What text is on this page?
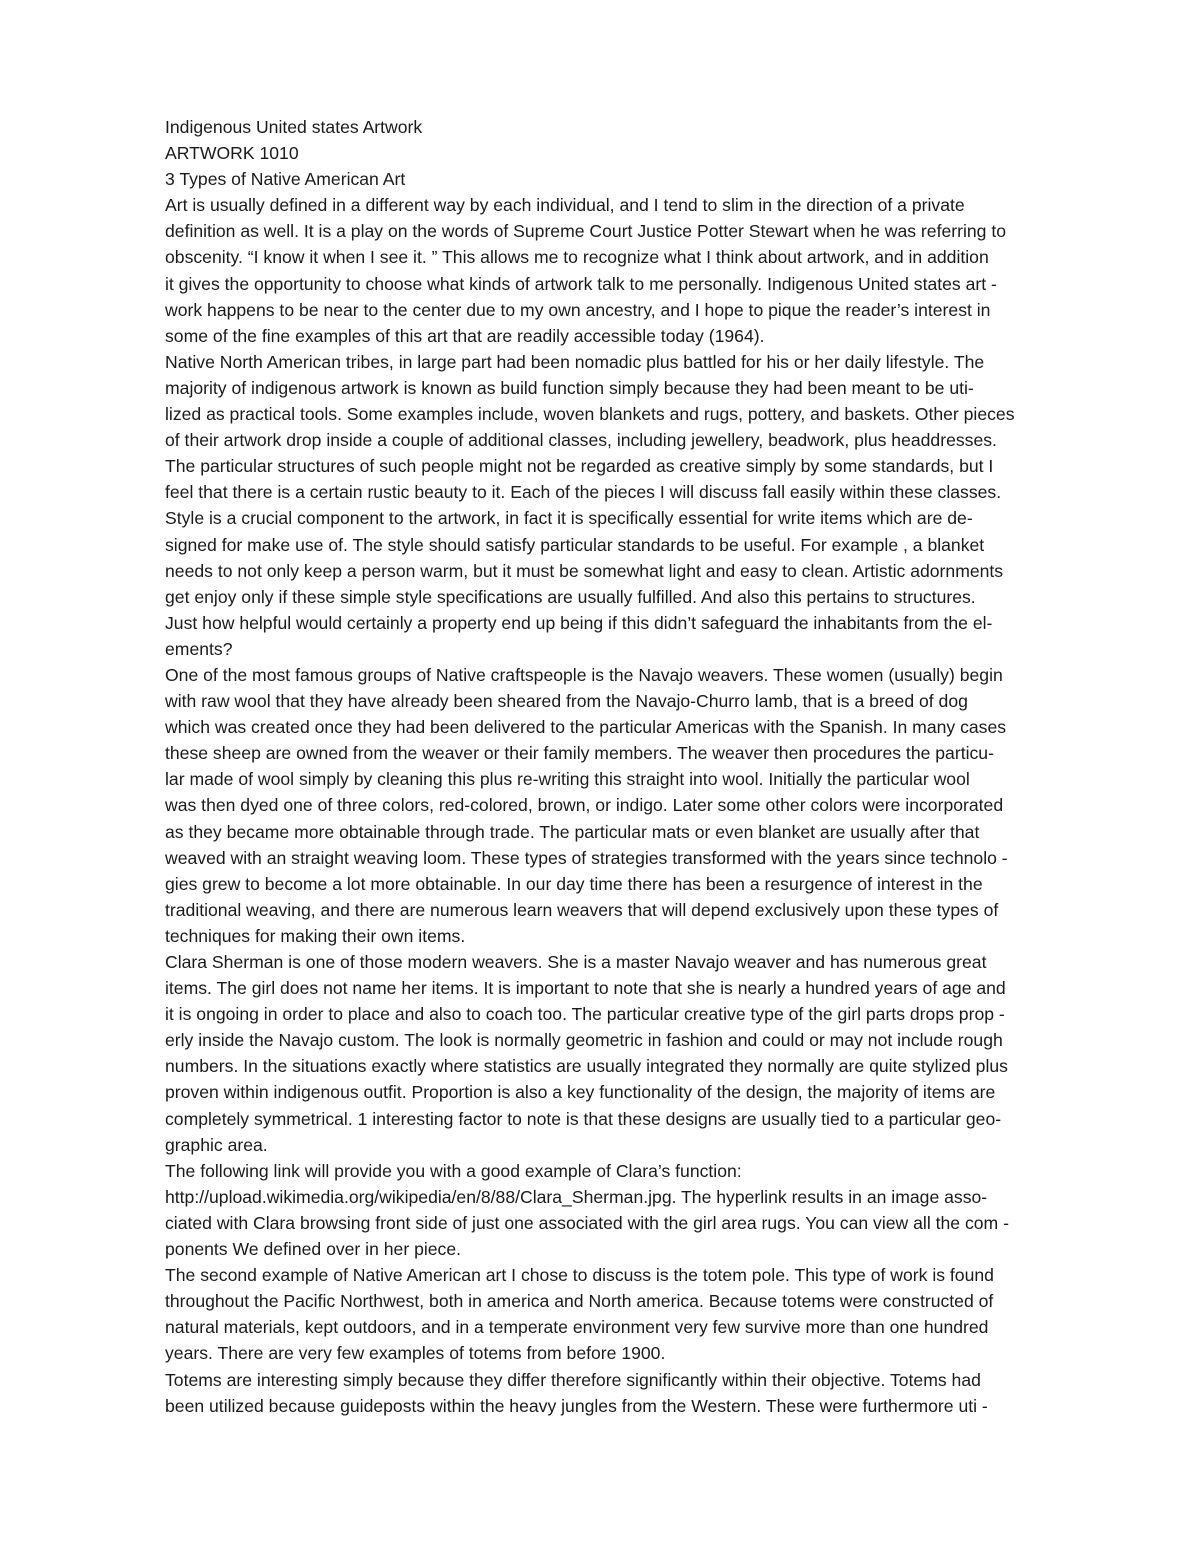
Indigenous United states Artwork
ARTWORK 1010
3 Types of Native American Art
Art is usually defined in a different way by each individual, and I tend to slim in the direction of a private
definition as well. It is a play on the words of Supreme Court Justice Potter Stewart when he was referring to
obscenity. “I know it when I see it. ” This allows me to recognize what I think about artwork, and in addition
it gives the opportunity to choose what kinds of artwork talk to me personally. Indigenous United states art -
work happens to be near to the center due to my own ancestry, and I hope to pique the reader’s interest in
some of the fine examples of this art that are readily accessible today (1964).
Native North American tribes, in large part had been nomadic plus battled for his or her daily lifestyle. The
majority of indigenous artwork is known as build function simply because they had been meant to be uti-
lized as practical tools. Some examples include, woven blankets and rugs, pottery, and baskets. Other pieces
of their artwork drop inside a couple of additional classes, including jewellery, beadwork, plus headdresses.
The particular structures of such people might not be regarded as creative simply by some standards, but I
feel that there is a certain rustic beauty to it. Each of the pieces I will discuss fall easily within these classes.
Style is a crucial component to the artwork, in fact it is specifically essential for write items which are de-
signed for make use of. The style should satisfy particular standards to be useful. For example , a blanket
needs to not only keep a person warm, but it must be somewhat light and easy to clean. Artistic adornments
get enjoy only if these simple style specifications are usually fulfilled. And also this pertains to structures.
Just how helpful would certainly a property end up being if this didn’t safeguard the inhabitants from the el-
ements?
One of the most famous groups of Native craftspeople is the Navajo weavers. These women (usually) begin
with raw wool that they have already been sheared from the Navajo-Churro lamb, that is a breed of dog
which was created once they had been delivered to the particular Americas with the Spanish. In many cases
these sheep are owned from the weaver or their family members. The weaver then procedures the particu-
lar made of wool simply by cleaning this plus re-writing this straight into wool. Initially the particular wool
was then dyed one of three colors, red-colored, brown, or indigo. Later some other colors were incorporated
as they became more obtainable through trade. The particular mats or even blanket are usually after that
weaved with an straight weaving loom. These types of strategies transformed with the years since technolo -
gies grew to become a lot more obtainable. In our day time there has been a resurgence of interest in the
traditional weaving, and there are numerous learn weavers that will depend exclusively upon these types of
techniques for making their own items.
Clara Sherman is one of those modern weavers. She is a master Navajo weaver and has numerous great
items. The girl does not name her items. It is important to note that she is nearly a hundred years of age and
it is ongoing in order to place and also to coach too. The particular creative type of the girl parts drops prop -
erly inside the Navajo custom. The look is normally geometric in fashion and could or may not include rough
numbers. In the situations exactly where statistics are usually integrated they normally are quite stylized plus
proven within indigenous outfit. Proportion is also a key functionality of the design, the majority of items are
completely symmetrical. 1 interesting factor to note is that these designs are usually tied to a particular geo-
graphic area.
The following link will provide you with a good example of Clara’s function:
http://upload.wikimedia.org/wikipedia/en/8/88/Clara_Sherman.jpg. The hyperlink results in an image asso-
ciated with Clara browsing front side of just one associated with the girl area rugs. You can view all the com -
ponents We defined over in her piece.
The second example of Native American art I chose to discuss is the totem pole. This type of work is found
throughout the Pacific Northwest, both in america and North america. Because totems were constructed of
natural materials, kept outdoors, and in a temperate environment very few survive more than one hundred
years. There are very few examples of totems from before 1900.
Totems are interesting simply because they differ therefore significantly within their objective. Totems had
been utilized because guideposts within the heavy jungles from the Western. These were furthermore uti -
